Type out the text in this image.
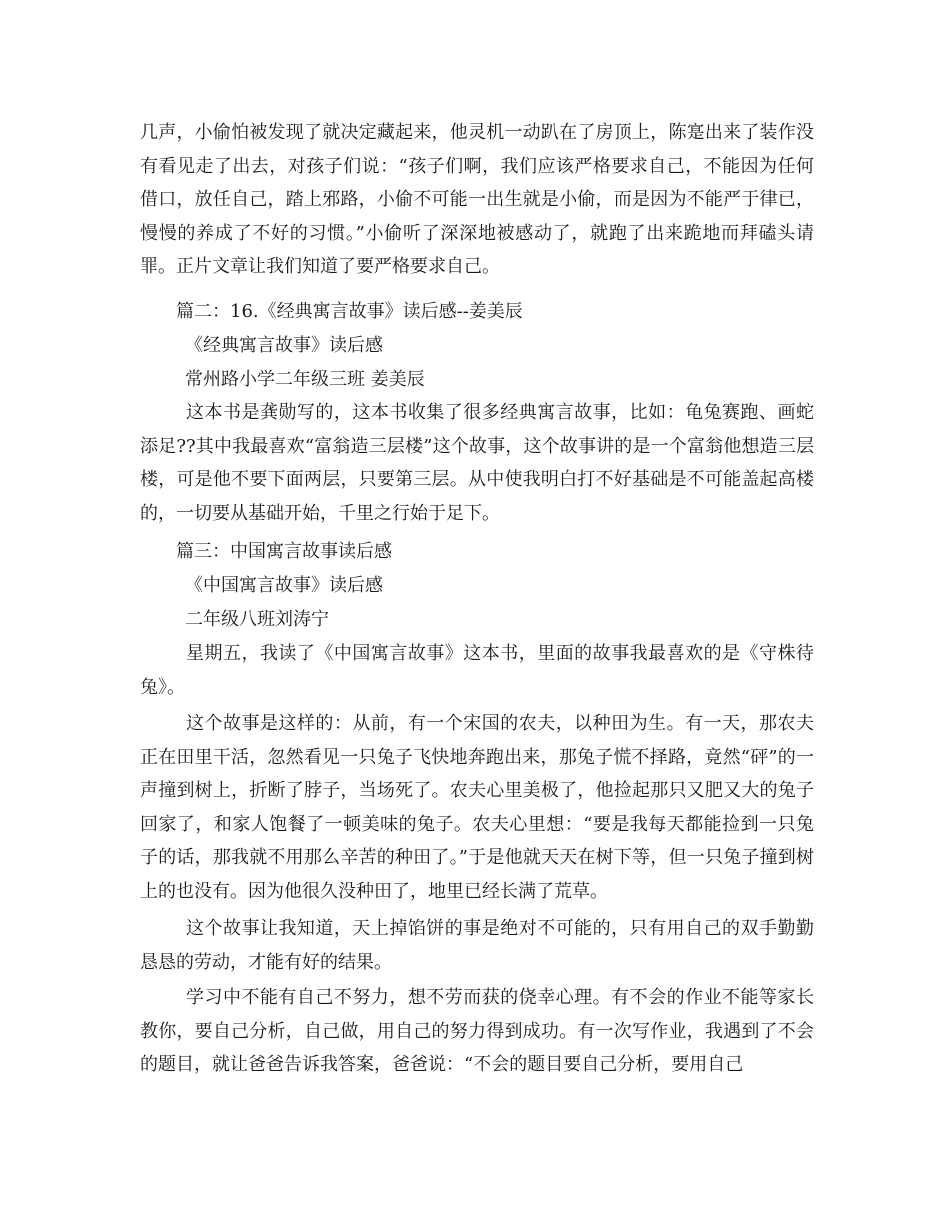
几声，小偷怕被发现了就决定藏起来，他灵机一动趴在了房顶上，陈寔出来了装作没有看见走了出去，对孩子们说：“孩子们啊，我们应该严格要求自己，不能因为任何借口，放任自己，踏上邪路，小偷不可能一出生就是小偷，而是因为不能严于律已，慢慢的养成了不好的习惯。”小偷听了深深地被感动了，就跑了出来跪地而拜磕头请罪。正片文章让我们知道了要严格要求自己。

篇二：16.《经典寓言故事》读后感--姜美辰

《经典寓言故事》读后感

常州路小学二年级三班 姜美辰

这本书是龚勋写的，这本书收集了很多经典寓言故事，比如：龟兔赛跑、画蛇添足??其中我最喜欢“富翁造三层楼”这个故事，这个故事讲的是一个富翁他想造三层楼，可是他不要下面两层，只要第三层。从中使我明白打不好基础是不可能盖起高楼的，一切要从基础开始，千里之行始于足下。

篇三：中国寓言故事读后感

《中国寓言故事》读后感

二年级八班刘涛宁

星期五，我读了《中国寓言故事》这本书，里面的故事我最喜欢的是《守株待兔》。

这个故事是这样的：从前，有一个宋国的农夫，以种田为生。有一天，那农夫正在田里干活，忽然看见一只兔子飞快地奔跑出来，那兔子慌不择路，竟然“砰”的一声撞到树上，折断了脖子，当场死了。农夫心里美极了，他捡起那只又肥又大的兔子回家了，和家人饱餐了一顿美味的兔子。农夫心里想：“要是我每天都能捡到一只兔子的话，那我就不用那么辛苦的种田了。”于是他就天天在树下等，但一只兔子撞到树上的也没有。因为他很久没种田了，地里已经长满了荒草。

这个故事让我知道，天上掉馅饼的事是绝对不可能的，只有用自己的双手勤勤恳恳的劳动，才能有好的结果。

学习中不能有自己不努力，想不劳而获的侥幸心理。有不会的作业不能等家长教你，要自己分析，自己做，用自己的努力得到成功。有一次写作业，我遇到了不会的题目，就让爸爸告诉我答案，爸爸说：“不会的题目要自己分析，要用自己
